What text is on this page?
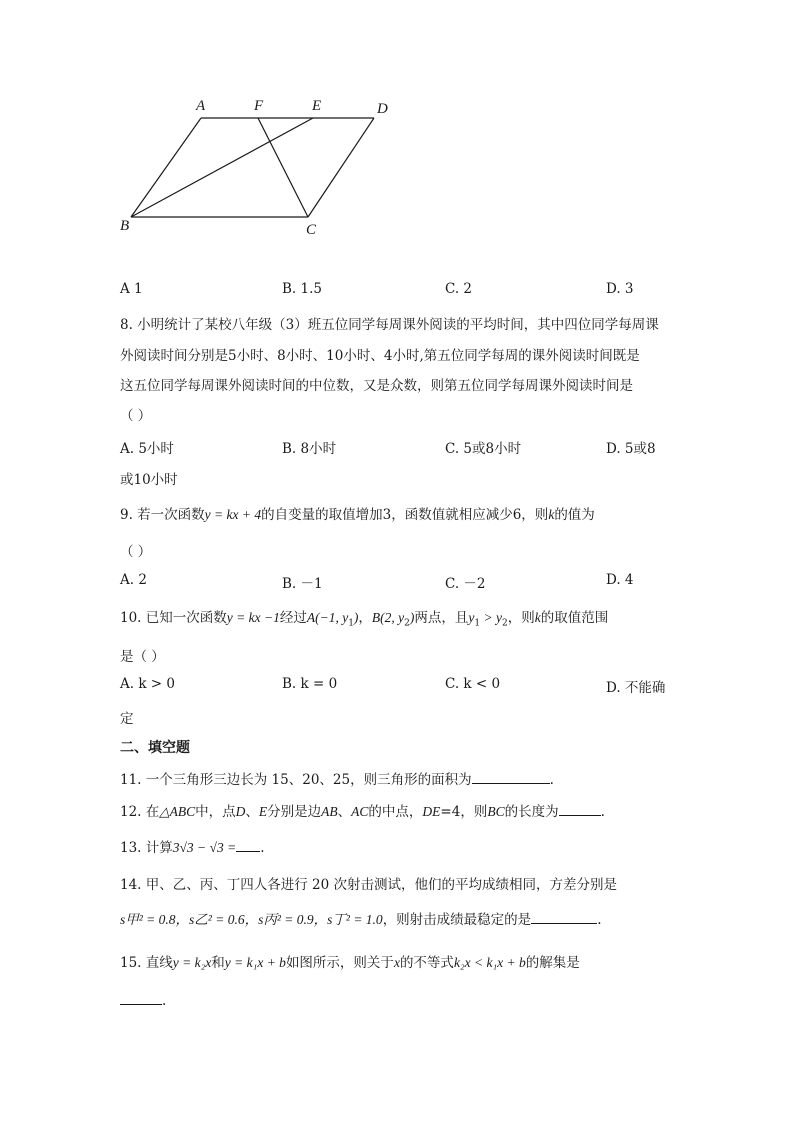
A	F	E	D
B	C
A 1	B. 1.5	C. 2	D. 3
8. 小明统计了某校八年级（3）班五位同学每周课外阅读的平均时间，其中四位同学每周课
外阅读时间分别是5小时、8小时、10小时、4小时,第五位同学每周的课外阅读时间既是
这五位同学每周课外阅读时间的中位数，又是众数，则第五位同学每周课外阅读时间是
（ ）
A. 5小时	B. 8小时	C. 5或8小时	D. 5或8
或10小时
9. 若一次函数y = kx + 4的自变量的取值增加3，函数值就相应减少6，则k的值为
（ ）
A. 2	B. －1	C. －2	D. 4
10. 已知一次函数y = kx −1经过A(−1, $y_1$)，B(2, $y_2$)两点，且$y_1 > y_2$，则k的取值范围
是（ ）
A. k > 0	B. k = 0	C. k < 0	D. 不能确
定
二、填空题
11. 一个三角形三边长为 15、20、25，则三角形的面积为	.
12. 在△ABC中，点D、E分别是边AB、AC的中点，DE=4，则BC的长度为	.
13. 计算3√3 − √3 = .
14. 甲、乙、丙、丁四人各进行 20 次射击测试，他们的平均成绩相同，方差分别是
s甲² = 0.8，s乙² = 0.6，s丙² = 0.9，s丁² = 1.0，则射击成绩最稳定的是	.
15. 直线y = k₂x和y = k₁x + b如图所示，则关于x的不等式k₂x < k₁x + b的解集是
.
